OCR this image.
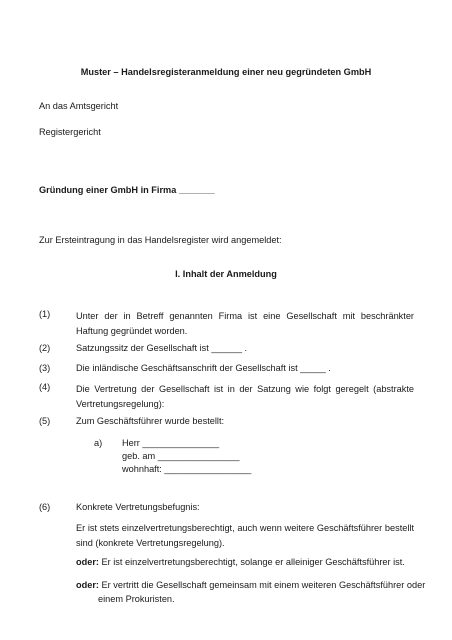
Muster – Handelsregisteranmeldung einer neu gegründeten GmbH
An das Amtsgericht
Registergericht
Gründung einer GmbH in Firma _______
Zur Ersteintragung in das Handelsregister wird angemeldet:
I. Inhalt der Anmeldung
(1)	Unter der in Betreff genannten Firma ist eine Gesellschaft mit beschränkter Haftung gegründet worden.
(2)	Satzungssitz der Gesellschaft ist ______ .
(3)	Die inländische Geschäftsanschrift der Gesellschaft ist _____ .
(4)	Die Vertretung der Gesellschaft ist in der Satzung wie folgt geregelt (abstrakte Vertretungsregelung):
(5)	Zum Geschäftsführer wurde bestellt:
a) Herr _______________
geb. am ________________
wohnhaft: _________________
(6)	Konkrete Vertretungsbefugnis:
Er ist stets einzelvertretungsberechtigt, auch wenn weitere Geschäftsführer bestellt sind (konkrete Vertretungsregelung).
oder: Er ist einzelvertretungsberechtigt, solange er alleiniger Geschäftsführer ist.
oder: Er vertritt die Gesellschaft gemeinsam mit einem weiteren Geschäftsführer oder
einem Prokuristen.
